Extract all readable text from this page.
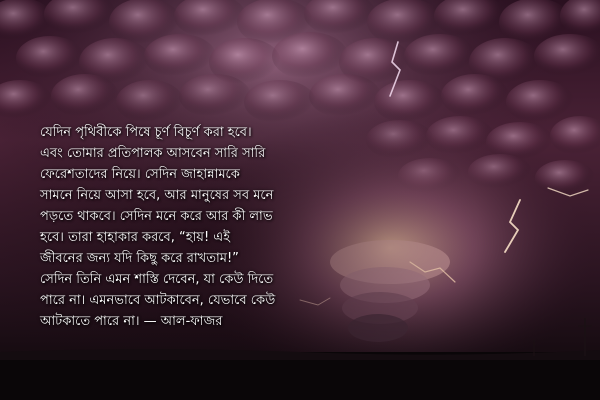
যেদিন পৃথিবীকে পিষে চূর্ণ বিচূর্ণ করা হবে।
এবং তোমার প্রতিপালক আসবেন সারি সারি
ফেরেশতাদের নিয়ে। সেদিন জাহান্নামকে
সামনে নিয়ে আসা হবে, আর মানুষের সব মনে
পড়তে থাকবে। সেদিন মনে করে আর কী লাভ
হবে। তারা হাহাকার করবে, “হায়! এই
জীবনের জন্য যদি কিছু করে রাখতাম!”
সেদিন তিনি এমন শাস্তি দেবেন, যা কেউ দিতে
পারে না। এমনভাবে আটকাবেন, যেভাবে কেউ
আটকাতে পারে না। — আল-ফাজর
